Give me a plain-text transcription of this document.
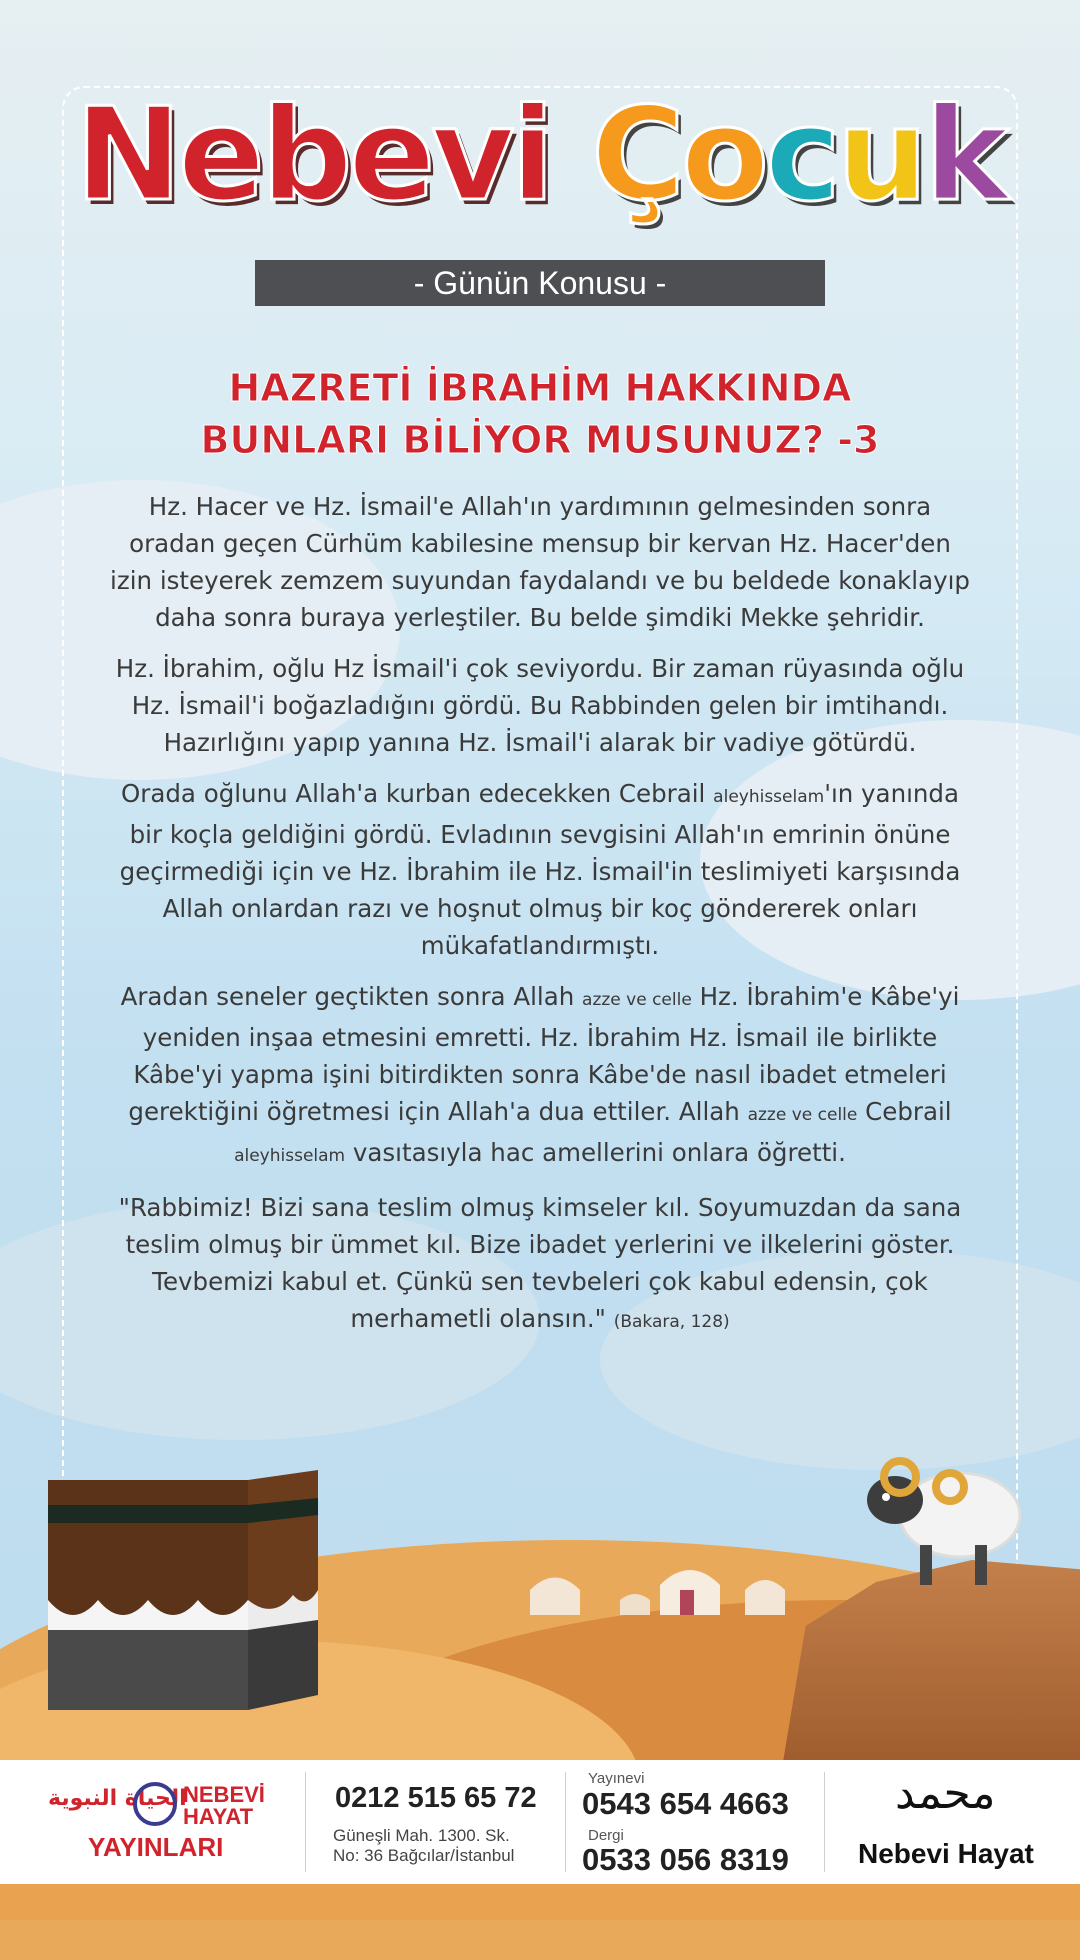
Nebevi Çocuk
- Günün Konusu -
HAZRETİ İBRAHİM HAKKINDA
BUNLARI BİLİYOR MUSUNUZ? -3

Hz. Hacer ve Hz. İsmail'e Allah'ın yardımının gelmesinden sonra oradan geçen Cürhüm kabilesine mensup bir kervan Hz. Hacer'den izin isteyerek zemzem suyundan faydalandı ve bu beldede konaklayıp daha sonra buraya yerleştiler. Bu belde şimdiki Mekke şehridir.

Hz. İbrahim, oğlu Hz İsmail'i çok seviyordu. Bir zaman rüyasında oğlu Hz. İsmail'i boğazladığını gördü. Bu Rabbinden gelen bir imtihandı. Hazırlığını yapıp yanına Hz. İsmail'i alarak bir vadiye götürdü.

Orada oğlunu Allah'a kurban edecekken Cebrail aleyhisselam'ın yanında bir koçla geldiğini gördü. Evladının sevgisini Allah'ın emrinin önüne geçirmediği için ve Hz. İbrahim ile Hz. İsmail'in teslimiyeti karşısında Allah onlardan razı ve hoşnut olmuş bir koç göndererek onları mükafatlandırmıştı.

Aradan seneler geçtikten sonra Allah azze ve celle Hz. İbrahim'e Kâbe'yi yeniden inşaa etmesini emretti. Hz. İbrahim Hz. İsmail ile birlikte Kâbe'yi yapma işini bitirdikten sonra Kâbe'de nasıl ibadet etmeleri gerektiğini öğretmesi için Allah'a dua ettiler. Allah azze ve celle Cebrail aleyhisselam vasıtasıyla hac amellerini onlara öğretti.

"Rabbimiz! Bizi sana teslim olmuş kimseler kıl. Soyumuzdan da sana teslim olmuş bir ümmet kıl. Bize ibadet yerlerini ve ilkelerini göster. Tevbemizi kabul et. Çünkü sen tevbeleri çok kabul edensin, çok merhametli olansın." (Bakara, 128)

الحياة النبوية
NEBEVİ
HAYAT
YAYINLARI
0212 515 65 72
Güneşli Mah. 1300. Sk.
No: 36 Bağcılar/İstanbul
Yayınevi
0543 654 4663
Dergi
0533 056 8319
محمد
Nebevi Hayat
